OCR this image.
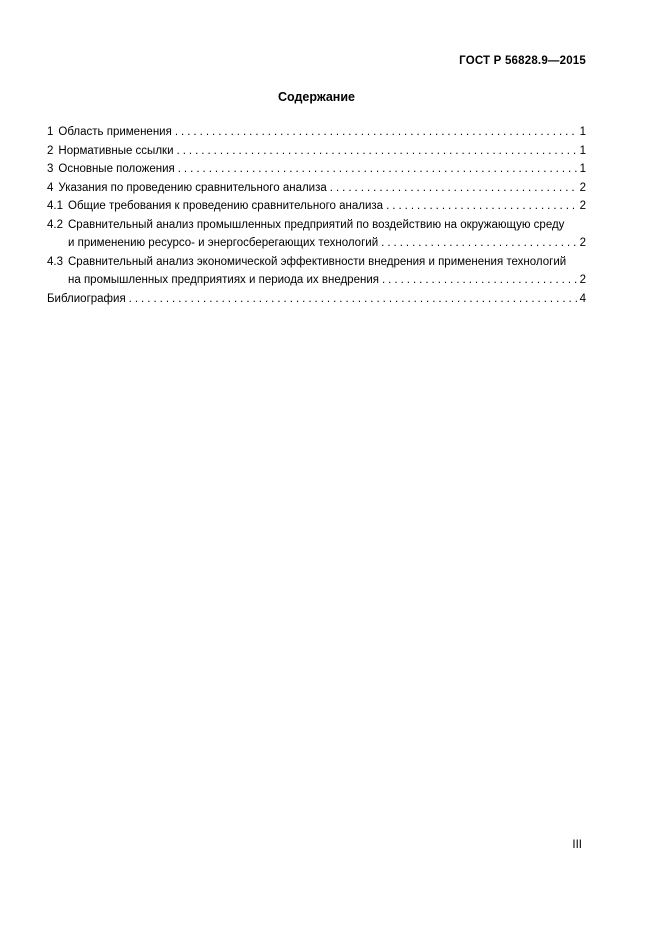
ГОСТ Р 56828.9—2015
Содержание
1 Область применения .....	1
2 Нормативные ссылки .....	1
3 Основные положения .....	1
4 Указания по проведению сравнительного анализа .....	2
4.1 Общие требования к проведению сравнительного анализа .....	2
4.2 Сравнительный анализ промышленных предприятий по воздействию на окружающую среду
и применению ресурсо- и энергосберегающих технологий .....	2
4.3 Сравнительный анализ экономической эффективности внедрения и применения технологий
на промышленных предприятиях и периода их внедрения .....	2
Библиография .....	4
III
